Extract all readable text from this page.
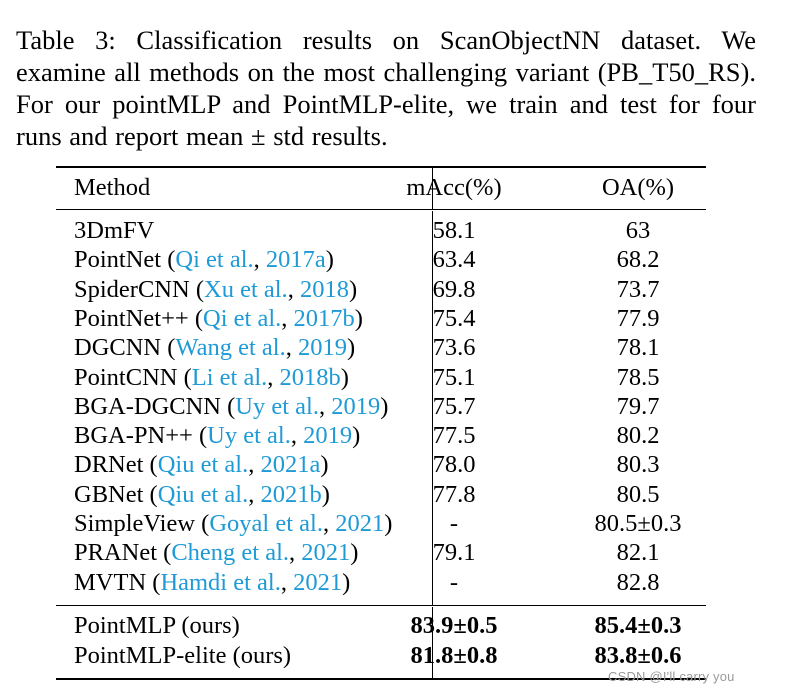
Table 3: Classification results on ScanObjectNN dataset. We examine all methods on the most challenging variant (PB_T50_RS). For our pointMLP and PointMLP-elite, we train and test for four runs and report mean ± std results.
Method	mAcc(%)	OA(%)
3DmFV	58.1	63
PointNet (Qi et al., 2017a)	63.4	68.2
SpiderCNN (Xu et al., 2018)	69.8	73.7
PointNet++ (Qi et al., 2017b)	75.4	77.9
DGCNN (Wang et al., 2019)	73.6	78.1
PointCNN (Li et al., 2018b)	75.1	78.5
BGA-DGCNN (Uy et al., 2019)	75.7	79.7
BGA-PN++ (Uy et al., 2019)	77.5	80.2
DRNet (Qiu et al., 2021a)	78.0	80.3
GBNet (Qiu et al., 2021b)	77.8	80.5
SimpleView (Goyal et al., 2021)	-	80.5±0.3
PRANet (Cheng et al., 2021)	79.1	82.1
MVTN (Hamdi et al., 2021)	-	82.8
PointMLP (ours)	83.9±0.5	85.4±0.3
PointMLP-elite (ours)	81.8±0.8	83.8±0.6
CSDN @I'll carry you
